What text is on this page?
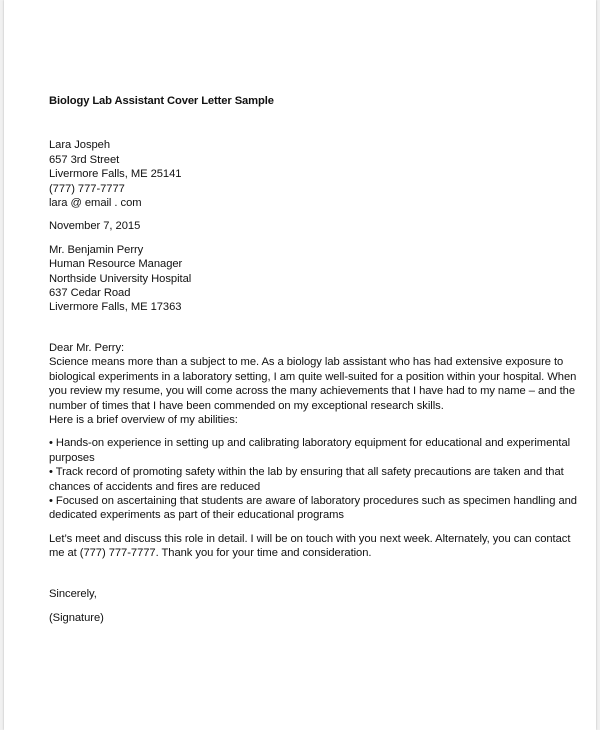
Biology Lab Assistant Cover Letter Sample
Lara Jospeh
657 3rd Street
Livermore Falls, ME 25141
(777) 777-7777
lara @ email . com
November 7, 2015
Mr. Benjamin Perry
Human Resource Manager
Northside University Hospital
637 Cedar Road
Livermore Falls, ME 17363
Dear Mr. Perry:
Science means more than a subject to me. As a biology lab assistant who has had extensive exposure to
biological experiments in a laboratory setting, I am quite well-suited for a position within your hospital. When
you review my resume, you will come across the many achievements that I have had to my name – and the
number of times that I have been commended on my exceptional research skills.
Here is a brief overview of my abilities:
• Hands-on experience in setting up and calibrating laboratory equipment for educational and experimental
purposes
• Track record of promoting safety within the lab by ensuring that all safety precautions are taken and that
chances of accidents and fires are reduced
• Focused on ascertaining that students are aware of laboratory procedures such as specimen handling and
dedicated experiments as part of their educational programs
Let’s meet and discuss this role in detail. I will be on touch with you next week. Alternately, you can contact
me at (777) 777-7777. Thank you for your time and consideration.
Sincerely,
(Signature)
